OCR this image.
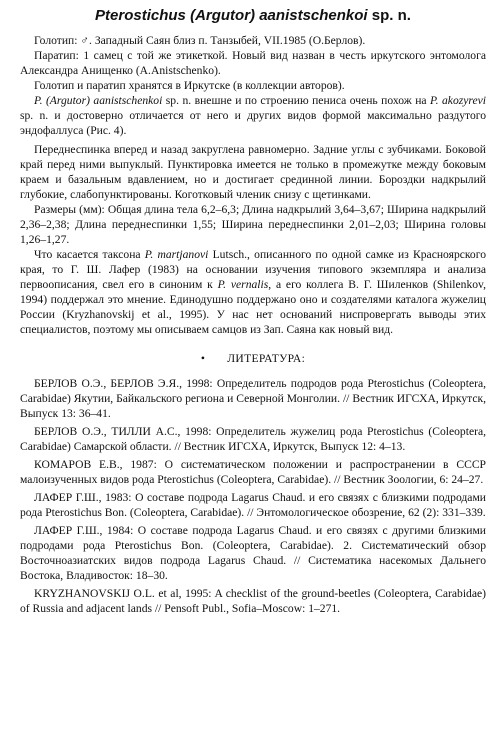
Pterostichus (Argutor) aanistschenkoi sp. n.

Голотип: ♂. Западный Саян близ п. Танзыбей, VII.1985 (О.Берлов).

Паратип: 1 самец с той же этикеткой. Новый вид назван в честь иркутского энтомолога Александра Анищенко (A.Anistschenko).

Голотип и паратип хранятся в Иркутске (в коллекции авторов).

P. (Argutor) aanistschenkoi sp. n. внешне и по строению пениса очень похож на P. akozyrevi sp. n. и достоверно отличается от него и других видов формой максимально раздутого эндофаллуса (Рис. 4).

Переднеспинка вперед и назад закруглена равномерно. Задние углы с зубчиками. Боковой край перед ними выпуклый. Пунктировка имеется не только в промежутке между боковым краем и базальным вдавлением, но и достигает срединной линии. Бороздки надкрылий глубокие, слабопунктированы. Коготковый членик снизу с щетинками.

Размеры (мм): Общая длина тела 6,2–6,3; Длина надкрылий 3,64–3,67; Ширина надкрылий 2,36–2,38; Длина переднеспинки 1,55; Ширина переднеспинки 2,01–2,03; Ширина головы 1,26–1,27.

Что касается таксона P. martjanovi Lutsch., описанного по одной самке из Красноярского края, то Г. Ш. Лафер (1983) на основании изучения типового экземпляра и анализа первоописания, свел его в синоним к P. vernalis, а его коллега В. Г. Шиленков (Shilenkov, 1994) поддержал это мнение. Единодушно поддержано оно и создателями каталога жужелиц России (Kryzhanovskij et al., 1995). У нас нет оснований ниспровергать выводы этих специалистов, поэтому мы описываем самцов из Зап. Саяна как новый вид.

• ЛИТЕРАТУРА:

БЕРЛОВ О.Э., БЕРЛОВ Э.Я., 1998: Определитель подродов рода Pterostichus (Coleoptera, Carabidae) Якутии, Байкальского региона и Северной Монголии. // Вестник ИГСХА, Иркутск, Выпуск 13: 36–41.

БЕРЛОВ О.Э., ТИЛЛИ А.С., 1998: Определитель жужелиц рода Pterostichus (Coleoptera, Carabidae) Самарской области. // Вестник ИГСХА, Иркутск, Выпуск 12: 4–13.

КОМАРОВ Е.В., 1987: О систематическом положении и распространении в СССР малоизученных видов рода Pterostichus (Coleoptera, Carabidae). // Вестник Зоологии, 6: 24–27.

ЛАФЕР Г.Ш., 1983: О составе подрода Lagarus Chaud. и его связях с близкими подродами рода Pterostichus Bon. (Coleoptera, Carabidae). // Энтомологическое обозрение, 62 (2): 331–339.

ЛАФЕР Г.Ш., 1984: О составе подрода Lagarus Chaud. и его связях с другими близкими подродами рода Pterostichus Bon. (Coleoptera, Carabidae). 2. Систематический обзор Восточноазиатских видов подрода Lagarus Chaud. // Систематика насекомых Дальнего Востока, Владивосток: 18–30.

KRYZHANOVSKIJ O.L. et al, 1995: A checklist of the ground-beetles (Coleoptera, Carabidae) of Russia and adjacent lands // Pensoft Publ., Sofia–Moscow: 1–271.
